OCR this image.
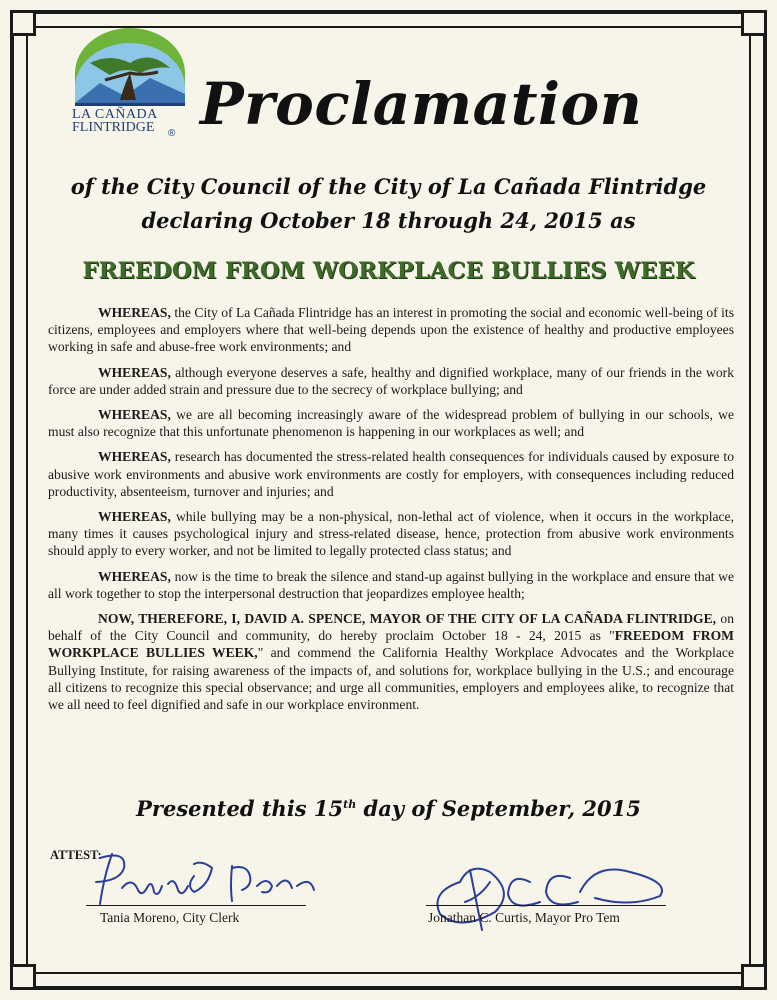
LA CAÑADA
FLINTRIDGE	® Proclamation
of the City Council of the City of La Cañada Flintridge
declaring October 18 through 24, 2015 as
FREEDOM FROM WORKPLACE BULLIES WEEK

WHEREAS, the City of La Cañada Flintridge has an interest in promoting the social and economic well-being of its citizens, employees and employers where that well-being depends upon the existence of healthy and productive employees working in safe and abuse-free work environments; and

WHEREAS, although everyone deserves a safe, healthy and dignified workplace, many of our friends in the work force are under added strain and pressure due to the secrecy of workplace bullying; and

WHEREAS, we are all becoming increasingly aware of the widespread problem of bullying in our schools, we must also recognize that this unfortunate phenomenon is happening in our workplaces as well; and

WHEREAS, research has documented the stress-related health consequences for individuals caused by exposure to abusive work environments and abusive work environments are costly for employers, with consequences including reduced productivity, absenteeism, turnover and injuries; and

WHEREAS, while bullying may be a non-physical, non-lethal act of violence, when it occurs in the workplace, many times it causes psychological injury and stress-related disease, hence, protection from abusive work environments should apply to every worker, and not be limited to legally protected class status; and

WHEREAS, now is the time to break the silence and stand-up against bullying in the workplace and ensure that we all work together to stop the interpersonal destruction that jeopardizes employee health;

NOW, THEREFORE, I, DAVID A. SPENCE, MAYOR OF THE CITY OF LA CAÑADA FLINTRIDGE, on behalf of the City Council and community, do hereby proclaim October 18 - 24, 2015 as "FREEDOM FROM WORKPLACE BULLIES WEEK," and commend the California Healthy Workplace Advocates and the Workplace Bullying Institute, for raising awareness of the impacts of, and solutions for, workplace bullying in the U.S.; and encourage all citizens to recognize this special observance; and urge all communities, employers and employees alike, to recognize that we all need to feel dignified and safe in our workplace environment.

Presented this 15th day of September, 2015
ATTEST:
Tania Moreno, City Clerk	Jonathan C. Curtis, Mayor Pro Tem
